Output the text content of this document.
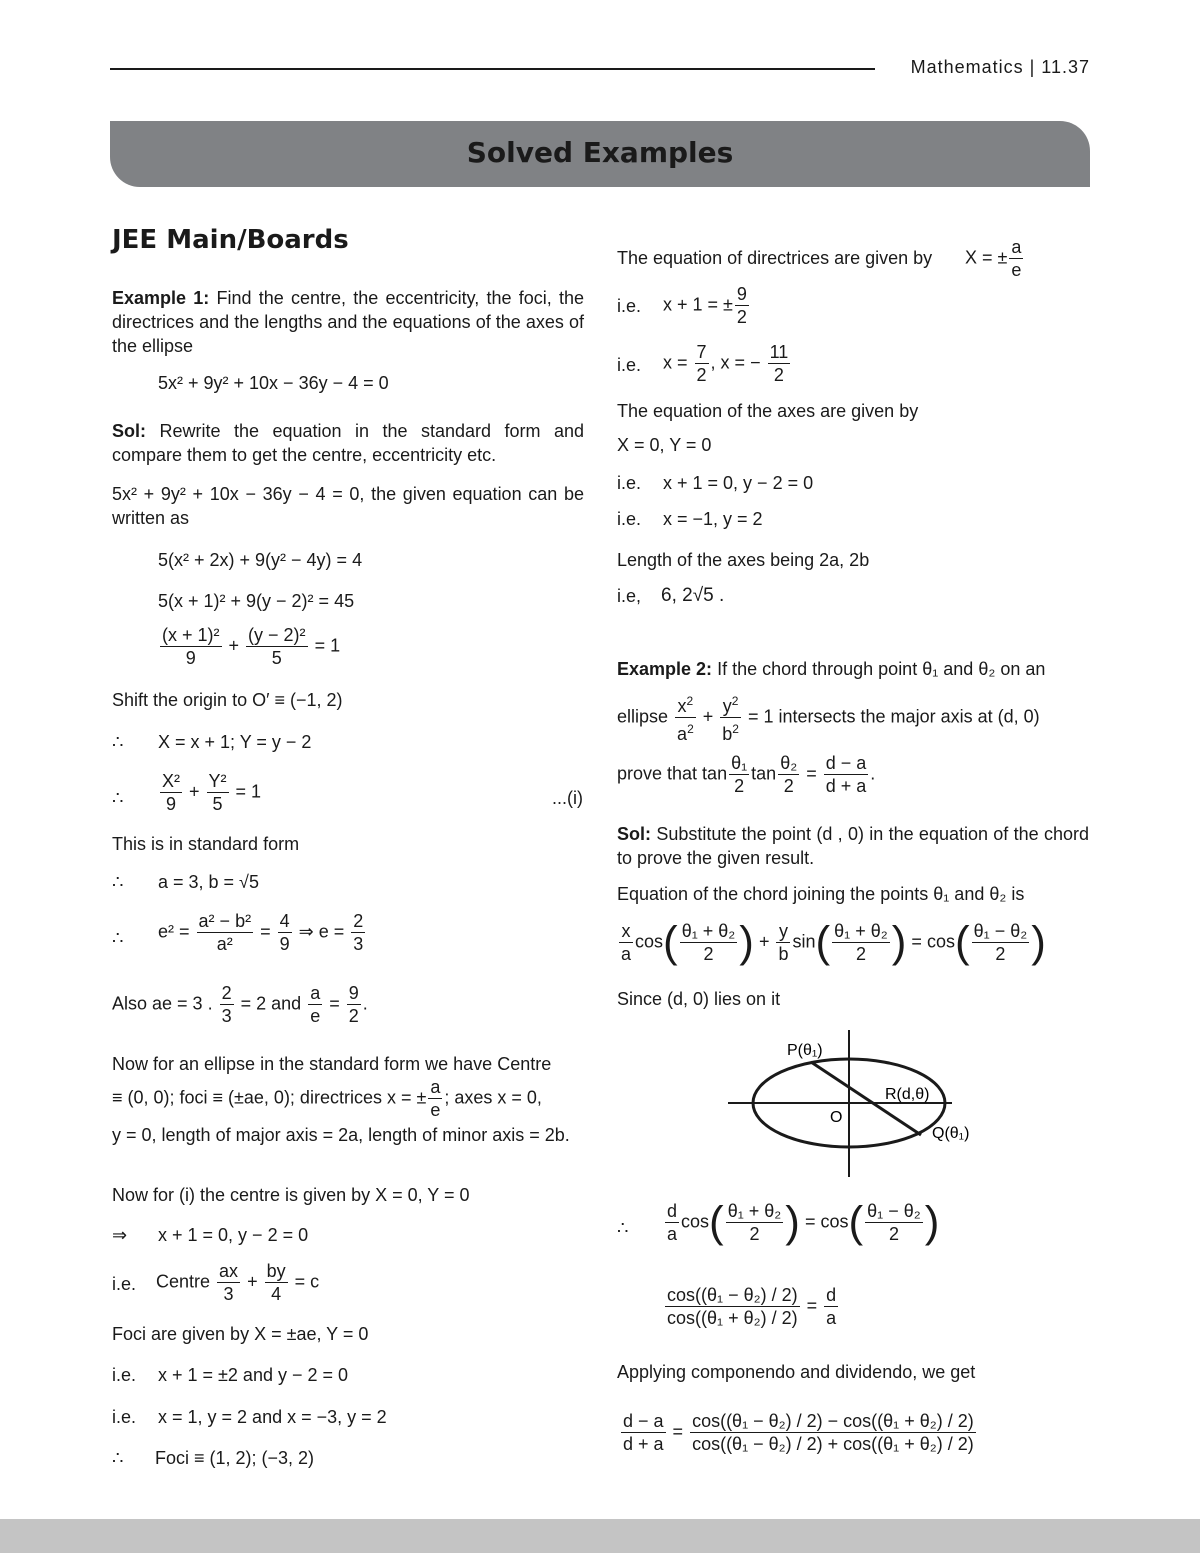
Mathematics | 11.37
Solved Examples
JEE Main/Boards
Example 1: Find the centre, the eccentricity, the foci, the directrices and the lengths and the equations of the axes of the ellipse
5x² + 9y² + 10x − 36y − 4 = 0
Sol: Rewrite the equation in the standard form and compare them to get the centre, eccentricity etc.
5x² + 9y² + 10x − 36y − 4 = 0, the given equation can be written as
5(x² + 2x) + 9(y² − 4y) = 4
5(x + 1)² + 9(y − 2)² = 45
$\frac{\text{(x + 1)²}}{9} + \frac{\text{(y − 2)²}}{5} = 1$
Shift the origin to O′ ≡ (−1, 2)
∴ X = x + 1; Y = y − 2
∴ $\frac{\text{X²}}{9} + \frac{\text{Y²}}{5} = 1$	...(i)
This is in standard form
∴ a = 3, b = √5
∴ $e^2 = \frac{\text{a² − b²}}{\text{a²}} = \frac{4}{9}$ ⇒ $e = \frac{2}{3}$
Also ae = 3 . $\frac{2}{3} = 2$ and $\frac{a}{e} = \frac{9}{2}$ .
Now for an ellipse in the standard form we have Centre
≡ (0, 0); foci ≡ (±ae, 0); directrices x = ± $\frac{a}{e}$ ; axes x = 0,
y = 0, length of major axis = 2a, length of minor axis = 2b.
Now for (i) the centre is given by X = 0, Y = 0
⇒ x + 1 = 0, y − 2 = 0
i.e. Centre $\frac{ax}{3} + \frac{by}{4} = c$
Foci are given by X = ±ae, Y = 0
i.e. x + 1 = ±2 and y − 2 = 0
i.e. x = 1, y = 2 and x = −3, y = 2
∴ Foci ≡ (1, 2); (−3, 2)
The equation of directrices are given by X = ± $\frac{a}{e}$
i.e. x + 1 = ± $\frac{9}{2}$
i.e. $x = \frac{7}{2}$ , x = − $\frac{11}{2}$
The equation of the axes are given by
X = 0, Y = 0
i.e. x + 1 = 0, y − 2 = 0
i.e. x = −1, y = 2
Length of the axes being 2a, 2b
i.e, 6, 2√5 .
Example 2: If the chord through point θ₁ and θ₂ on an
ellipse $\frac{x^2}{a^2} + \frac{y^2}{b^2} = 1$ intersects the major axis at (d, 0)
prove that $\tan \frac{\text{θ₁}}{2}$ $\tan \frac{\text{θ₂}}{2} = \frac{d - a}{d + a}$ .
Sol: Substitute the point (d , 0) in the equation of the chord to prove the given result.
Equation of the chord joining the points θ₁ and θ₂ is
$\frac{x}{a} \cos( \frac{\text{θ₁ + θ₂}}{2}$ ) + $\frac{y}{b} \sin( \frac{\text{θ₁ + θ₂}}{2}$ ) = $\cos( \frac{\text{θ₁ − θ₂}}{2}$ )
Since (d, 0) lies on it
P(θ₁)
R(d,θ)
O
Q(θ₁)
∴ $\frac{d}{a} \cos( \frac{\text{θ₁ + θ₂}}{2}$ ) = $\cos( \frac{\text{θ₁ − θ₂}}{2}$ )
$\frac{\text{cos((θ₁ − θ₂) / 2)}}{\text{cos((θ₁ + θ₂) / 2)}} = \frac{d}{a}$
Applying componendo and dividendo, we get
$\frac{d - a}{d + a} = \frac{\text{cos((θ₁ − θ₂) / 2) − cos((θ₁ + θ₂) / 2)}}{\text{cos((θ₁ − θ₂) / 2) + cos((θ₁ + θ₂) / 2)}}$
